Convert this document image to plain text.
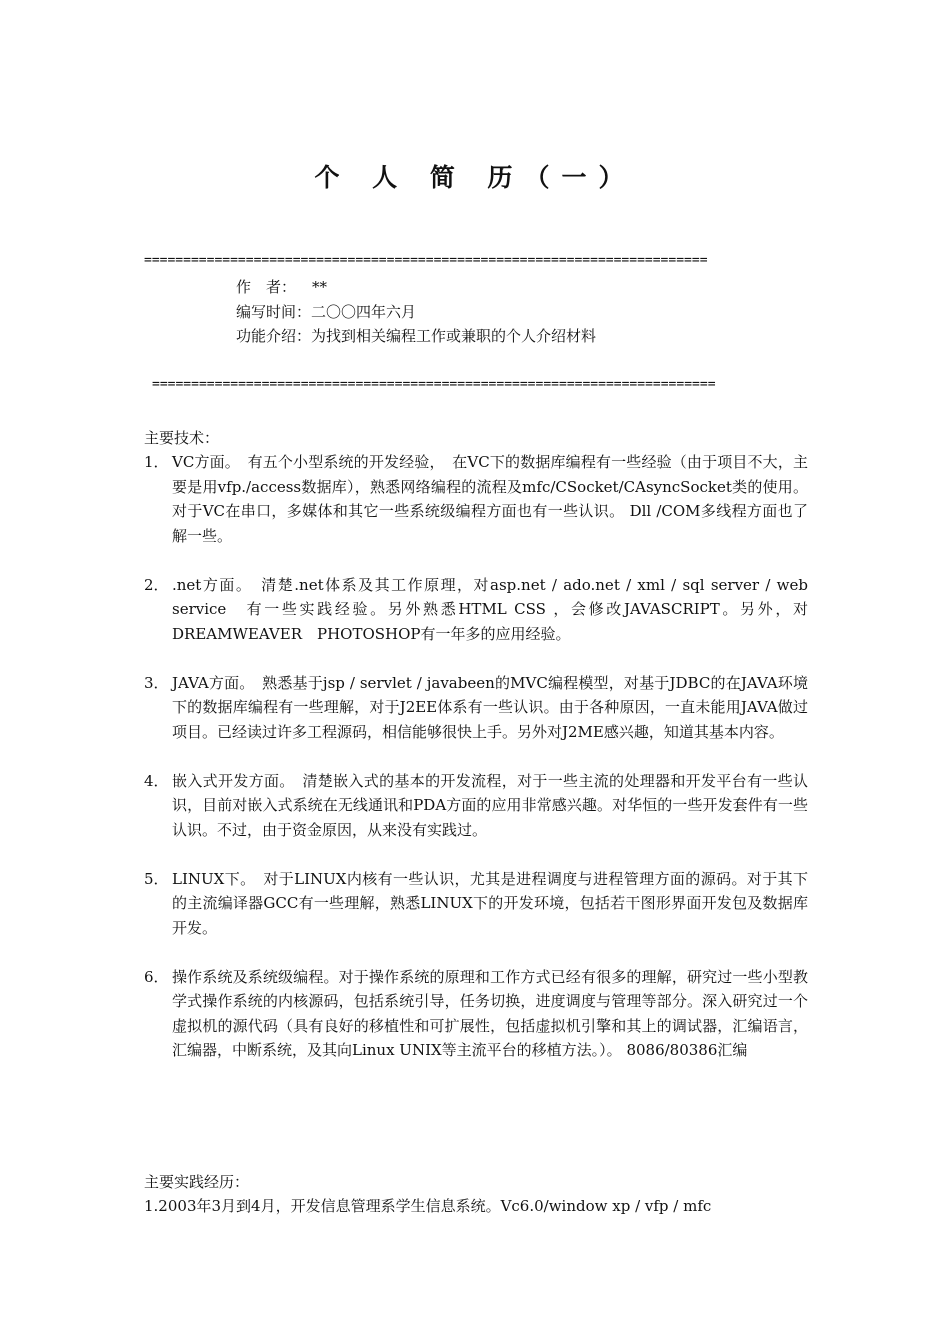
个 人 简 历（一）
========================================================================
作　者： **
编写时间：二〇〇四年六月
功能介绍：为找到相关编程工作或兼职的个人介绍材料
========================================================================
主要技术：
1． VC方面。　有五个小型系统的开发经验，　在VC下的数据库编程有一些经验（由于项目不大，主要是用vfp./access数据库），熟悉网络编程的流程及mfc/CSocket/CAsyncSocket类的使用。对于VC在串口，多媒体和其它一些系统级编程方面也有一些认识。 Dll /COM多线程方面也了解一些。
2． .net方面。　清楚.net体系及其工作原理，对asp.net / ado.net / xml / sql server / web service　有一些实践经验。另外熟悉HTML CSS ，会修改JAVASCRIPT。另外，对DREAMWEAVER　PHOTOSHOP有一年多的应用经验。
3． JAVA方面。　熟悉基于jsp / servlet / javabeen的MVC编程模型，对基于JDBC的在JAVA环境下的数据库编程有一些理解，对于J2EE体系有一些认识。由于各种原因，一直未能用JAVA做过项目。已经读过许多工程源码，相信能够很快上手。另外对J2ME感兴趣，知道其基本内容。
4． 嵌入式开发方面。　清楚嵌入式的基本的开发流程，对于一些主流的处理器和开发平台有一些认识，目前对嵌入式系统在无线通讯和PDA方面的应用非常感兴趣。对华恒的一些开发套件有一些认识。不过，由于资金原因，从来没有实践过。
5． LINUX下。　对于LINUX内核有一些认识，尤其是进程调度与进程管理方面的源码。对于其下的主流编译器GCC有一些理解，熟悉LINUX下的开发环境，包括若干图形界面开发包及数据库开发。
6． 操作系统及系统级编程。对于操作系统的原理和工作方式已经有很多的理解，研究过一些小型教学式操作系统的内核源码，包括系统引导，任务切换，进度调度与管理等部分。深入研究过一个虚拟机的源代码（具有良好的移植性和可扩展性，包括虚拟机引擎和其上的调试器，汇编语言，汇编器，中断系统，及其向Linux UNIX等主流平台的移植方法。）。 8086/80386汇编
主要实践经历：
1.2003年3月到4月，开发信息管理系学生信息系统。Vc6.0/window xp / vfp / mfc
